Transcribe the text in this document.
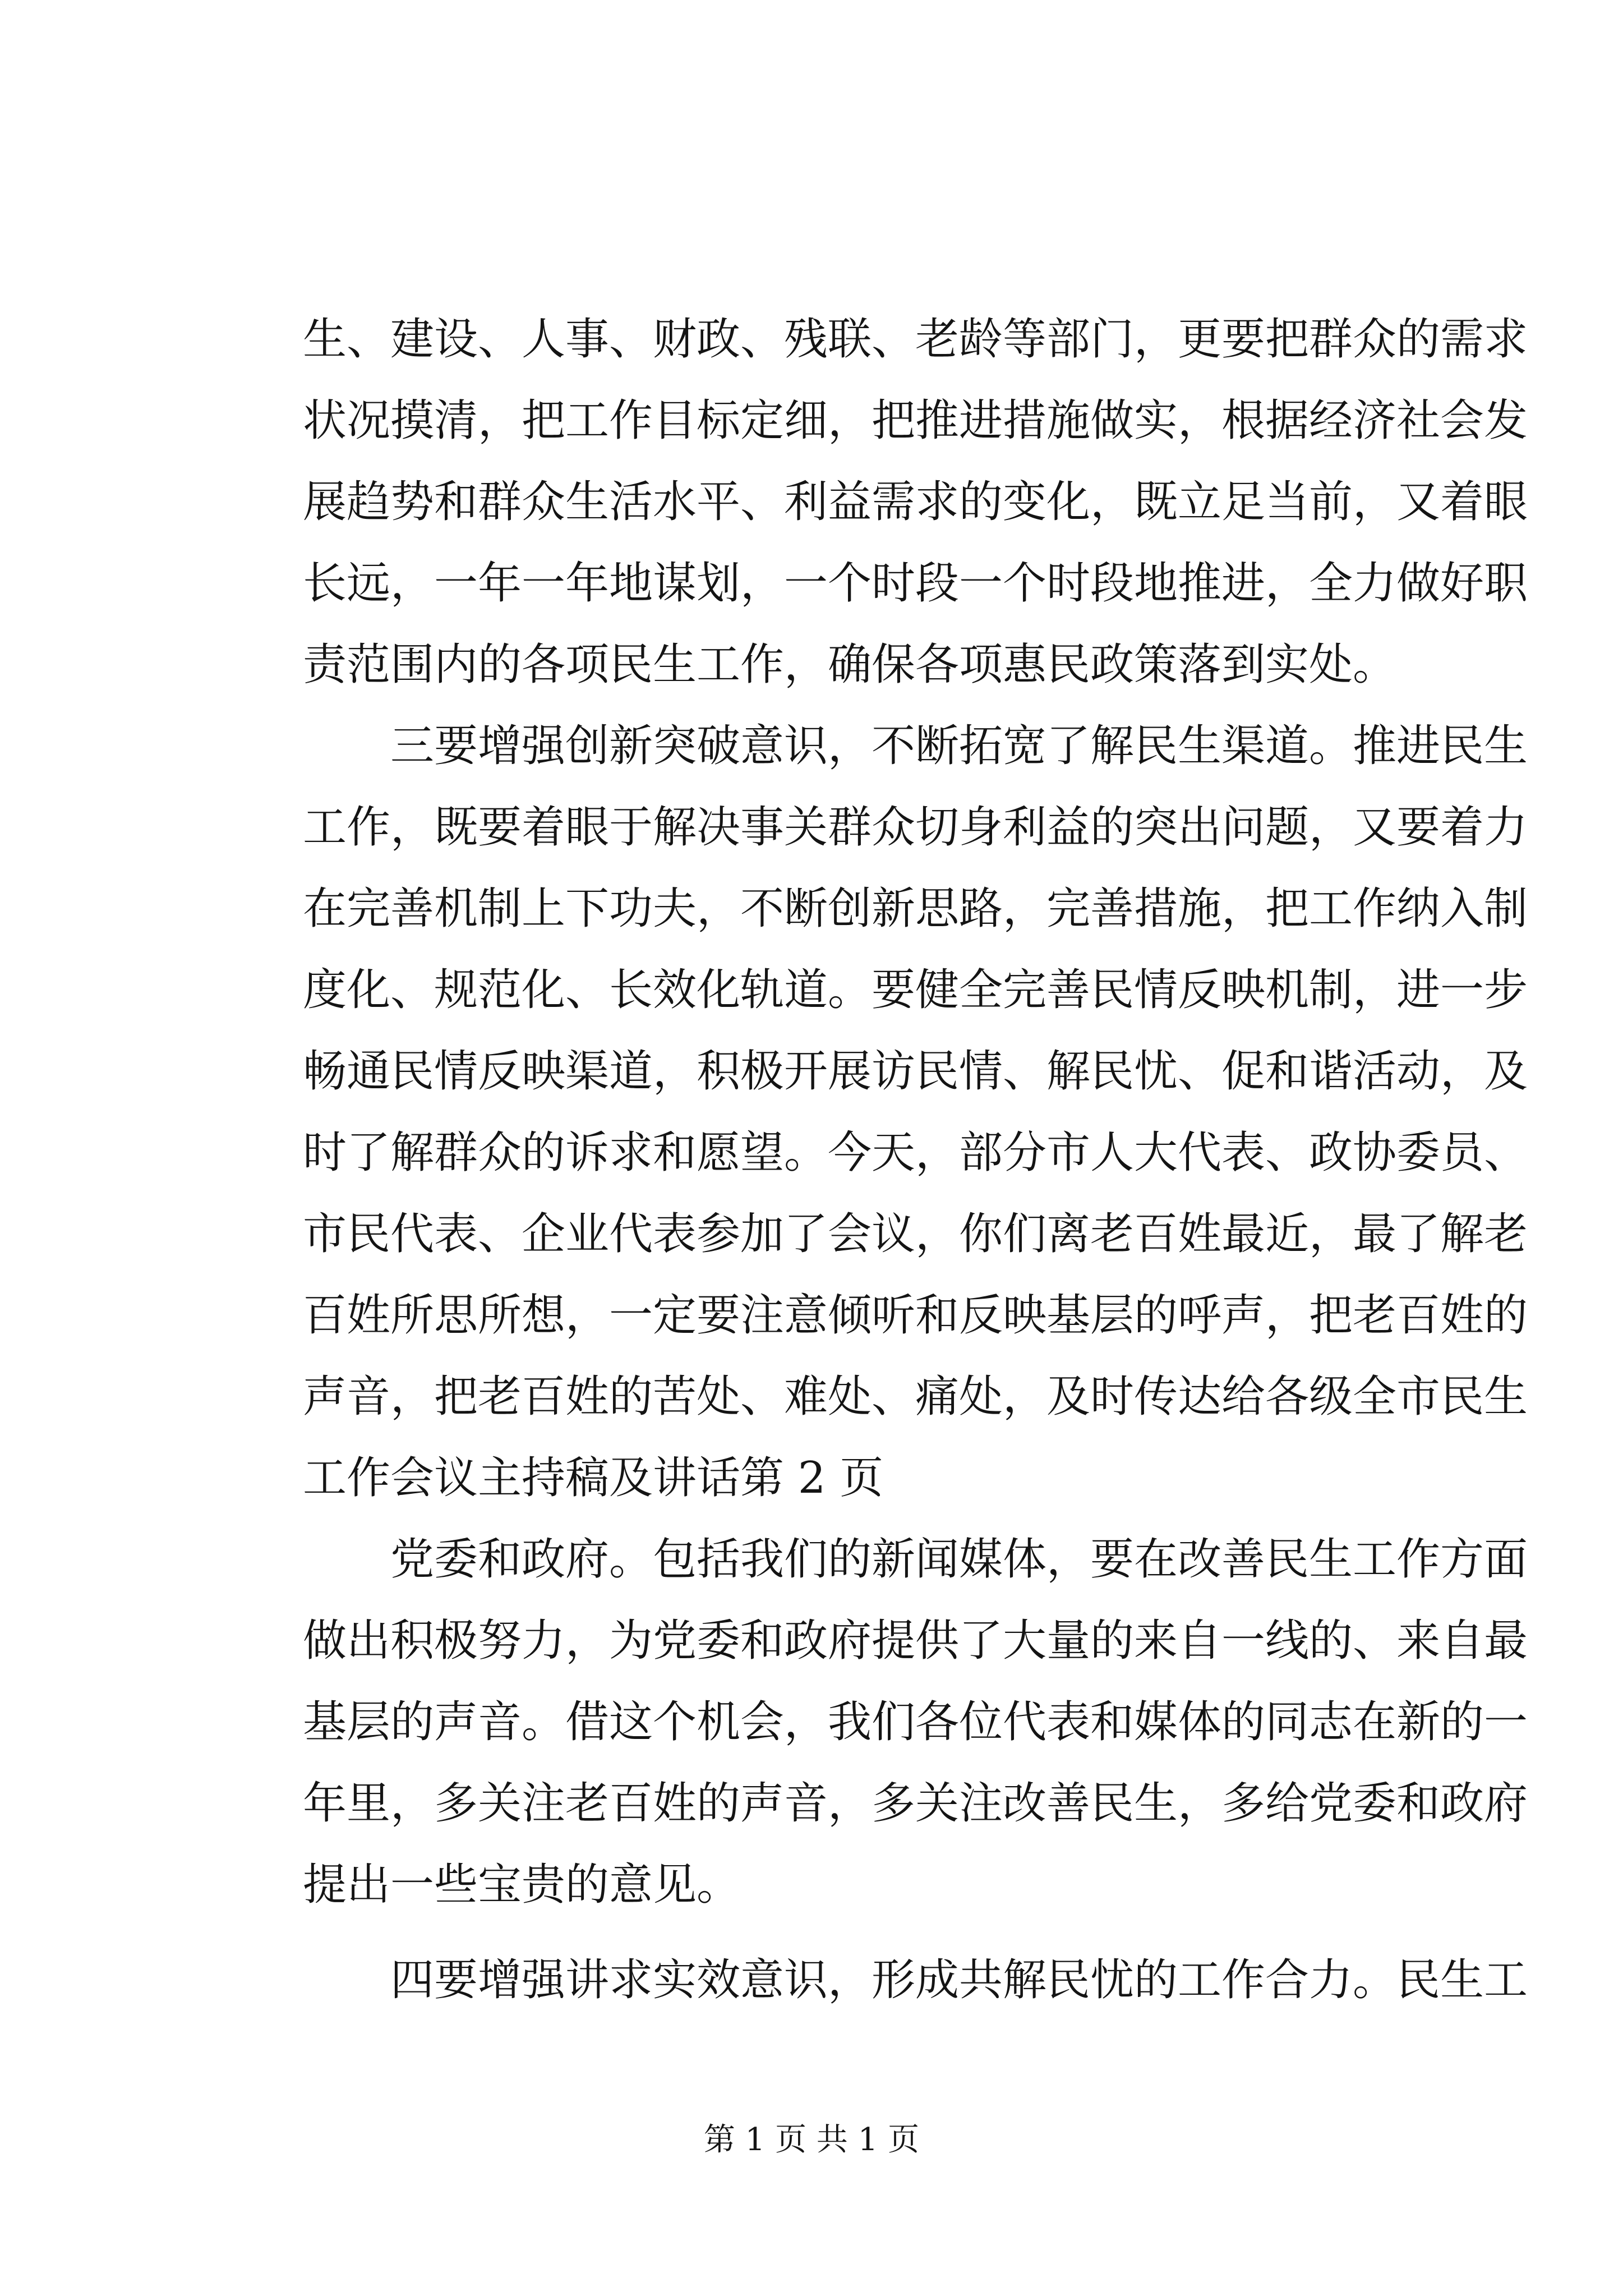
生、建设、人事、财政、残联、老龄等部门，更要把群众的需求
状况摸清，把工作目标定细，把推进措施做实，根据经济社会发
展趋势和群众生活水平、利益需求的变化，既立足当前，又着眼
长远，一年一年地谋划，一个时段一个时段地推进，全力做好职
责范围内的各项民生工作，确保各项惠民政策落到实处。
　　三要增强创新突破意识，不断拓宽了解民生渠道。推进民生
工作，既要着眼于解决事关群众切身利益的突出问题，又要着力
在完善机制上下功夫，不断创新思路，完善措施，把工作纳入制
度化、规范化、长效化轨道。要健全完善民情反映机制，进一步
畅通民情反映渠道，积极开展访民情、解民忧、促和谐活动，及
时了解群众的诉求和愿望。今天，部分市人大代表、政协委员、
市民代表、企业代表参加了会议，你们离老百姓最近，最了解老
百姓所思所想，一定要注意倾听和反映基层的呼声，把老百姓的
声音，把老百姓的苦处、难处、痛处，及时传达给各级全市民生
工作会议主持稿及讲话第 2 页
　　党委和政府。包括我们的新闻媒体，要在改善民生工作方面
做出积极努力，为党委和政府提供了大量的来自一线的、来自最
基层的声音。借这个机会，我们各位代表和媒体的同志在新的一
年里，多关注老百姓的声音，多关注改善民生，多给党委和政府
提出一些宝贵的意见。
　　四要增强讲求实效意识，形成共解民忧的工作合力。民生工
第 1 页 共 1 页
